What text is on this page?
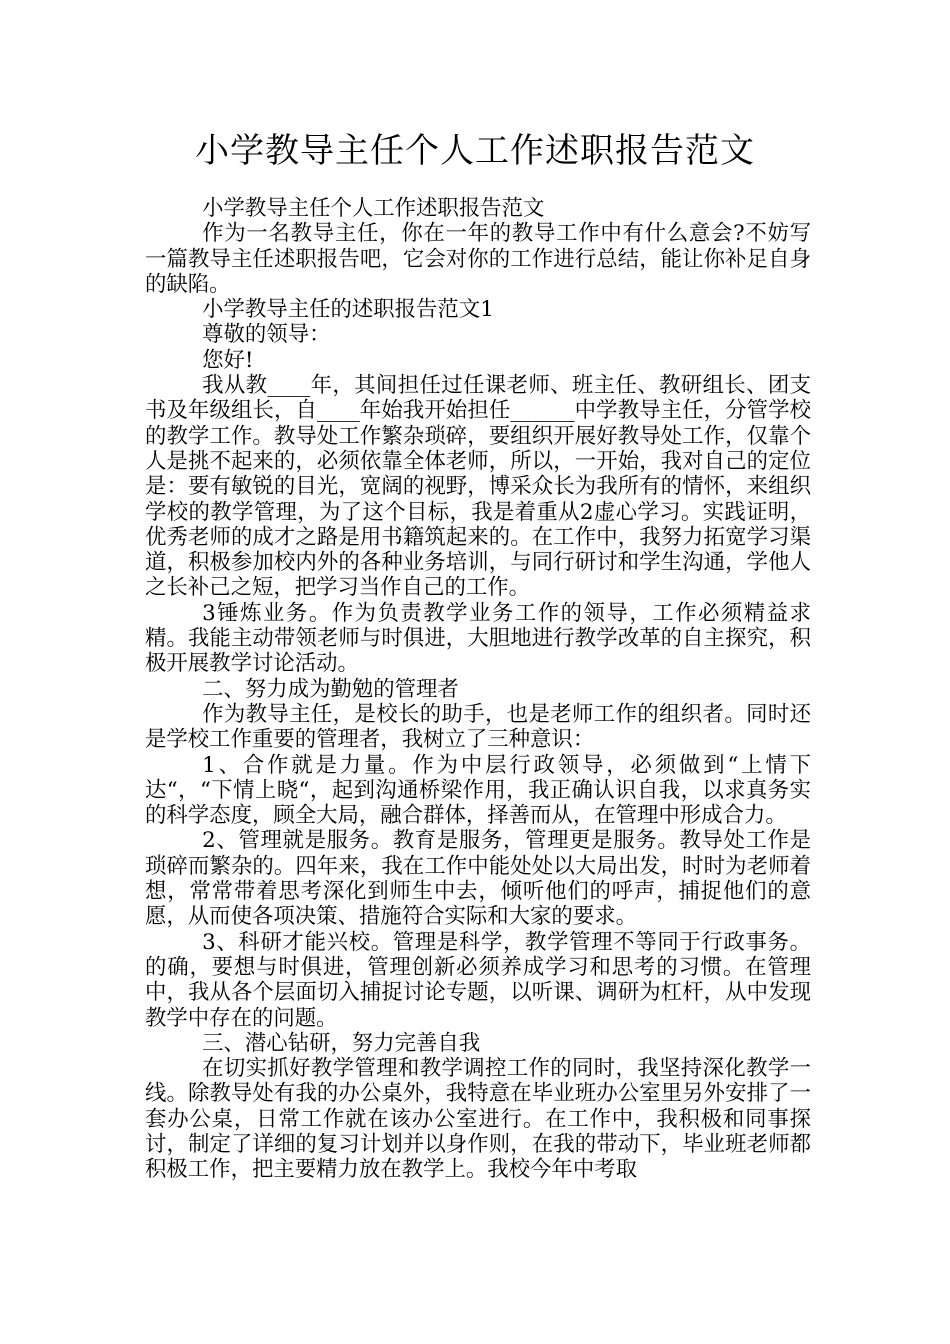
小学教导主任个人工作述职报告范文

小学教导主任个人工作述职报告范文

作为一名教导主任，你在一年的教导工作中有什么意会?不妨写一篇教导主任述职报告吧，它会对你的工作进行总结，能让你补足自身的缺陷。

小学教导主任的述职报告范文1

尊敬的领导：

您好!

我从教____年，其间担任过任课老师、班主任、教研组长、团支书及年级组长，自____年始我开始担任______中学教导主任，分管学校的教学工作。教导处工作繁杂琐碎，要组织开展好教导处工作，仅靠个人是挑不起来的，必须依靠全体老师，所以，一开始，我对自己的定位是：要有敏锐的目光，宽阔的视野，博采众长为我所有的情怀，来组织学校的教学管理，为了这个目标，我是着重从2虚心学习。实践证明，优秀老师的成才之路是用书籍筑起来的。在工作中，我努力拓宽学习渠道，积极参加校内外的各种业务培训，与同行研讨和学生沟通，学他人之长补己之短，把学习当作自己的工作。

3锤炼业务。作为负责教学业务工作的领导，工作必须精益求精。我能主动带领老师与时俱进，大胆地进行教学改革的自主探究，积极开展教学讨论活动。

二、努力成为勤勉的管理者

作为教导主任，是校长的助手，也是老师工作的组织者。同时还是学校工作重要的管理者，我树立了三种意识：

1、合作就是力量。作为中层行政领导，必须做到“上情下达“，“下情上晓“，起到沟通桥梁作用，我正确认识自我，以求真务实的科学态度，顾全大局，融合群体，择善而从，在管理中形成合力。

2、管理就是服务。教育是服务，管理更是服务。教导处工作是琐碎而繁杂的。四年来，我在工作中能处处以大局出发，时时为老师着想，常常带着思考深化到师生中去，倾听他们的呼声，捕捉他们的意愿，从而使各项决策、措施符合实际和大家的要求。

3、科研才能兴校。管理是科学，教学管理不等同于行政事务。的确，要想与时俱进，管理创新必须养成学习和思考的习惯。在管理中，我从各个层面切入捕捉讨论专题，以听课、调研为杠杆，从中发现教学中存在的问题。

三、潜心钻研，努力完善自我

在切实抓好教学管理和教学调控工作的同时，我坚持深化教学一线。除教导处有我的办公桌外，我特意在毕业班办公室里另外安排了一套办公桌，日常工作就在该办公室进行。在工作中，我积极和同事探讨，制定了详细的复习计划并以身作则，在我的带动下，毕业班老师都积极工作，把主要精力放在教学上。我校今年中考取
